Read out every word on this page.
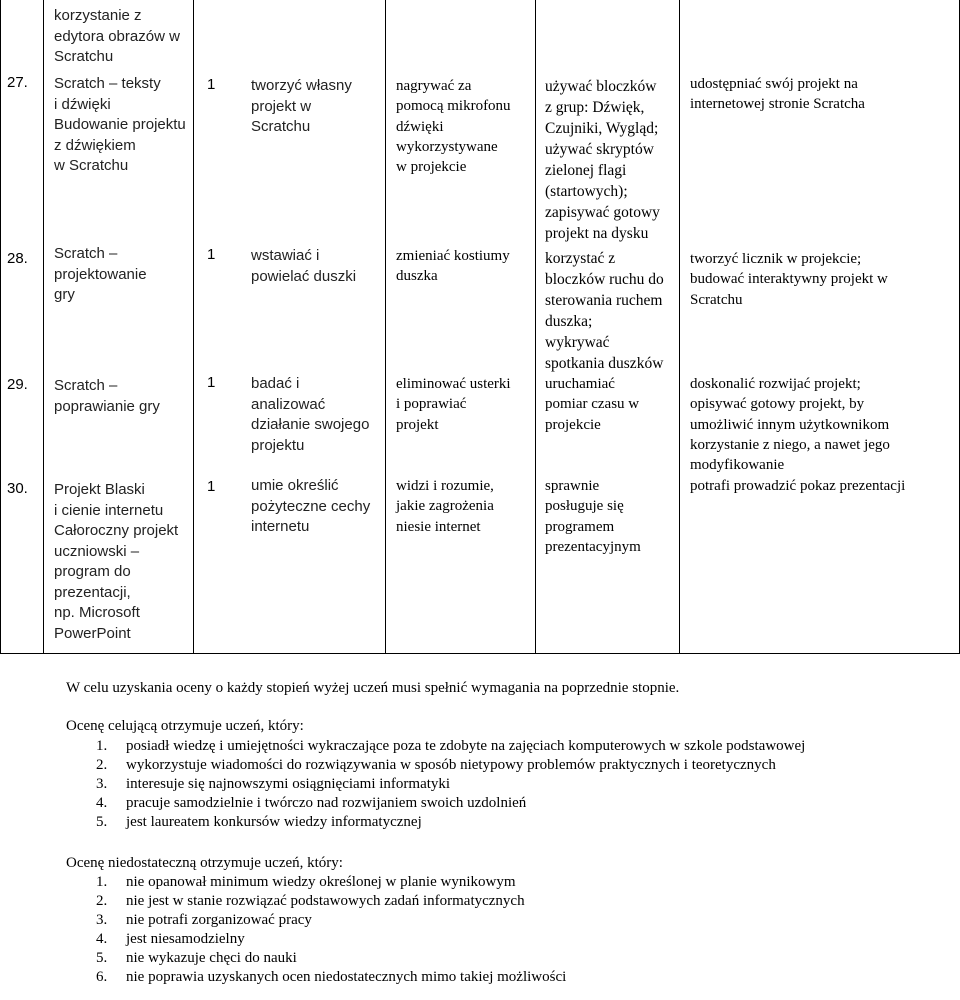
korzystanie z
edytora obrazów w
Scratchu
27. Scratch – teksty
i dźwięki
Budowanie projektu
z dźwiękiem
w Scratchu
1 tworzyć własny
projekt w
Scratchu
nagrywać za
pomocą mikrofonu
dźwięki
wykorzystywane
w projekcie
używać bloczków
z grup: Dźwięk,
Czujniki, Wygląd;
używać skryptów
zielonej flagi
(startowych);
zapisywać gotowy
projekt na dysku
udostępniać swój projekt na
internetowej stronie Scratcha
28. Scratch –
projektowanie
gry
1 wstawiać i
powielać duszki
zmieniać kostiumy
duszka
korzystać z
bloczków ruchu do
sterowania ruchem
duszka;
wykrywać
spotkania duszków
tworzyć licznik w projekcie;
budować interaktywny projekt w
Scratchu
29. Scratch –
poprawianie gry
1 badać i
analizować
działanie swojego
projektu
eliminować usterki
i poprawiać
projekt
uruchamiać
pomiar czasu w
projekcie
doskonalić rozwijać projekt;
opisywać gotowy projekt, by
umożliwić innym użytkownikom
korzystanie z niego, a nawet jego
modyfikowanie
30. Projekt Blaski
i cienie internetu
Całoroczny projekt
uczniowski –
program do
prezentacji,
np. Microsoft
PowerPoint
1 umie określić
pożyteczne cechy
internetu
widzi i rozumie,
jakie zagrożenia
niesie internet
sprawnie
posługuje się
programem
prezentacyjnym
potrafi prowadzić pokaz prezentacji

W celu uzyskania oceny o każdy stopień wyżej uczeń musi spełnić wymagania na poprzednie stopnie.

Ocenę celującą otrzymuje uczeń, który:

1. posiadł wiedzę i umiejętności wykraczające poza te zdobyte na zajęciach komputerowych w szkole podstawowej
2. wykorzystuje wiadomości do rozwiązywania w sposób nietypowy problemów praktycznych i teoretycznych
3. interesuje się najnowszymi osiągnięciami informatyki
4. pracuje samodzielnie i twórczo nad rozwijaniem swoich uzdolnień
5. jest laureatem konkursów wiedzy informatycznej

Ocenę niedostateczną otrzymuje uczeń, który:

1. nie opanował minimum wiedzy określonej w planie wynikowym
2. nie jest w stanie rozwiązać podstawowych zadań informatycznych
3. nie potrafi zorganizować pracy
4. jest niesamodzielny
5. nie wykazuje chęci do nauki
6. nie poprawia uzyskanych ocen niedostatecznych mimo takiej możliwości
